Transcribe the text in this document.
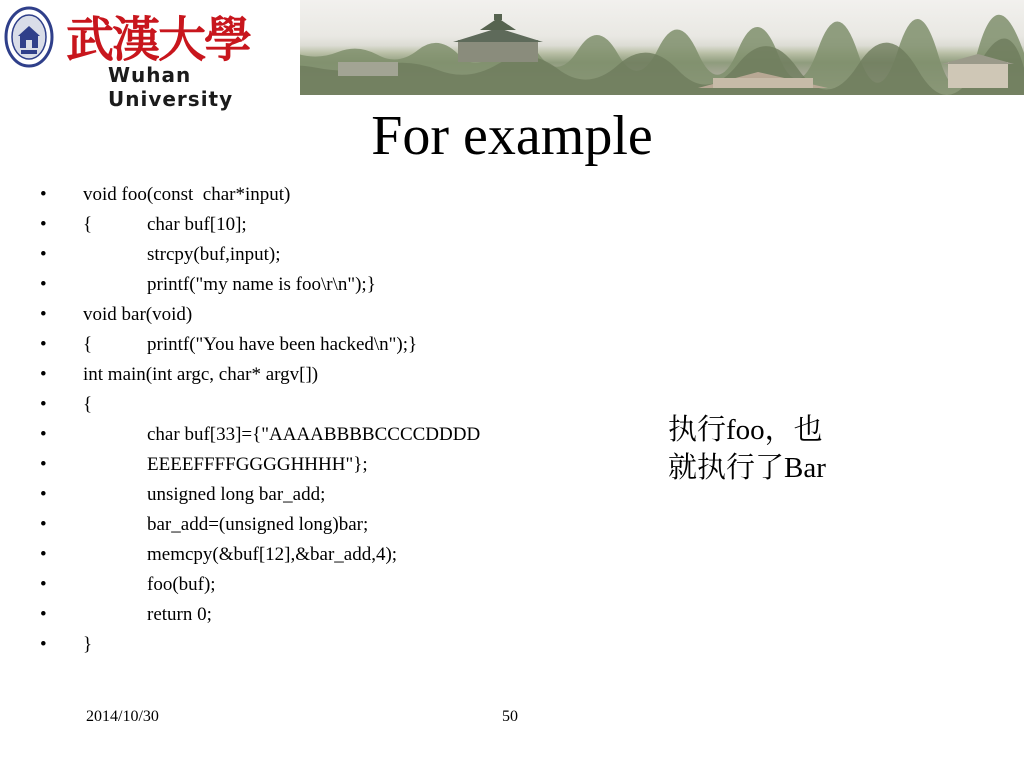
武漢大學
Wuhan University
For example

•

	void foo(const  char*input)

•

	{	char buf[10];

•

	strcpy(buf,input);

•

	printf("my name is foo\r\n");}

•

	void bar(void)

•

	{	printf("You have been hacked\n");}

•

	int main(int argc, char* argv[])

•

	{

•

	char buf[33]={"AAAABBBBCCCCDDDD

•

	EEEEFFFFGGGGHHHH"};

•

	unsigned long bar_add;

•

	bar_add=(unsigned long)bar;

•

	memcpy(&buf[12],&bar_add,4);

•

	foo(buf);

•

	return 0;

•

	}

执行foo，也
就执行了Bar
2014/10/30	50
